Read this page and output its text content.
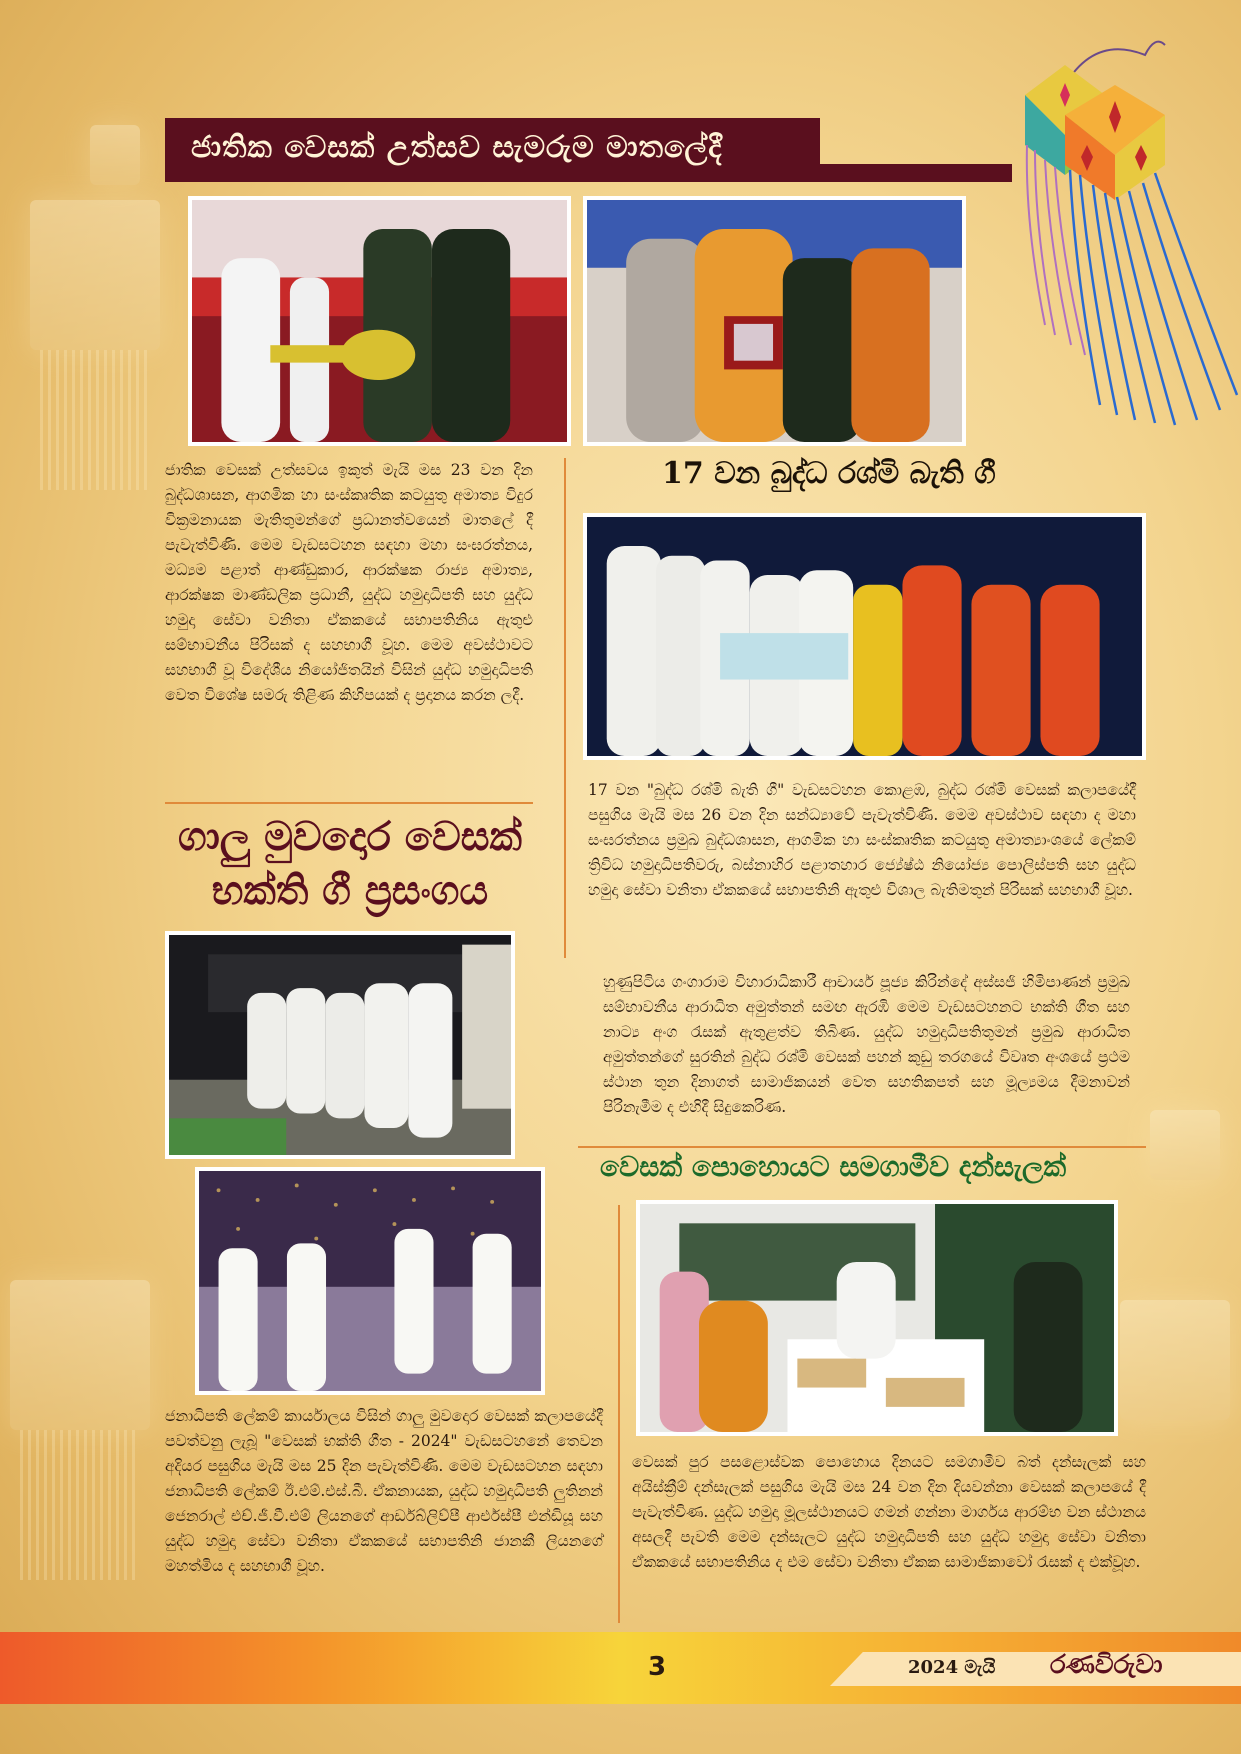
ජාතික වෙසක් උත්සව සැමරුම මාතලේදී

ජාතික වෙසක් උත්සවය ඉකුත් මැයි මස 23 වන දින බුද්ධශාසන, ආගමික හා සංස්කෘතික කටයුතු අමාත්‍ය විදුර වික්‍රමනායක මැතිතුමන්ගේ ප්‍රධානත්වයෙන් මාතලේ දී පැවැත්විණි. මෙම වැඩසටහන සඳහා මහා සංඝරත්නය, මධ්‍යම පළාත් ආණ්ඩුකාර, ආරක්ෂක රාජ්‍ය අමාත්‍ය, ආරක්ෂක මාණ්ඩලික ප්‍රධානී, යුද්ධ හමුදාධිපති සහ යුද්ධ හමුදා සේවා වනිතා ඒකකයේ සභාපතිනිය ඇතුළු සම්භාවනීය පිරිසක් ද සහභාගී වූහ. මෙම අවස්ථාවට සහභාගී වූ විදේශීය නියෝජිතයින් විසින් යුද්ධ හමුදාධිපති වෙත විශේෂ සමරු තිළිණ කිහිපයක් ද ප්‍රදානය කරන ලදී.

17 වන බුද්ධ රශ්මි බැති ගී

17 වන "බුද්ධ රශ්මි බැති ගී" වැඩසටහන කොළඹ, බුද්ධ රශ්මි වෙසක් කලාපයේදී පසුගිය මැයි මස 26 වන දින සන්ධ්‍යාවේ පැවැත්විණි. මෙම අවස්ථාව සඳහා ද මහා සංඝරත්නය ප්‍රමුඛ බුද්ධශාසන, ආගමික හා සංස්කෘතික කටයුතු අමාත්‍යාංශයේ ලේකම් ත්‍රිවිධ හමුදාධිපතිවරු, බස්නාහිර පළාතහාර ජ්‍යේෂ්ඨ නියෝජ්‍ය පොලිස්පති සහ යුද්ධ හමුදා සේවා වනිතා ඒකකයේ සභාපතිනි ඇතුළු විශාල බැතිමතුන් පිරිසක් සහභාගී වූහ.

ගාලු මුවදොර වෙසක්
භක්ති ගී ප්‍රසංගය

හුණුපිටිය ගංගාරාම විහාරාධිකාරී ආචාර්ය පූජ්‍ය කිරින්දේ අස්සජි හිමිපාණන් ප්‍රමුඛ සම්භාවනීය ආරාධිත අමුත්තන් සමඟ ඇරඹි මෙම වැඩසටහනට භක්ති ගීත සහ නාට්‍ය අංග රැසක් ඇතුළත්ව තිබිණ. යුද්ධ හමුදාධිපතිතුමන් ප්‍රමුඛ ආරාධිත අමුත්තන්ගේ සුරතින් බුද්ධ රශ්මි වෙසක් පහන් කුඩු තරගයේ විවෘත අංශයේ ප්‍රථම ස්ථාන තුන දිනාගත් සාමාජිකයන් වෙත සහතිකපත් සහ මූල්‍යමය දීමනාවන් පිරිනැමීම ද එහිදී සිදුකෙරිණ.

වෙසක් පොහොයට සමගාමීව දන්සැලක්

ජනාධිපති ලේකම් කාර්යාලය විසින් ගාලු මුවදොර වෙසක් කලාපයේදී පවත්වනු ලැබූ "වෙසක් භක්ති ගීත - 2024" වැඩසටහනේ තෙවන අදියර පසුගිය මැයි මස 25 දින පැවැත්විණි. මෙම වැඩසටහන සඳහා ජනාධිපති ලේකම් ඊ.එම්.එස්.බී. ඒකනායක, යුද්ධ හමුදාධිපති ලුතිනන් ජෙනරාල් එච්.ජී.වී.එම් ලියනගේ ආර්ඩබ්ලිව්පී ආර්එස්පී එන්ඩියූ සහ යුද්ධ හමුදා සේවා වනිතා ඒකකයේ සභාපතිනි ජානකී ලියනගේ මහත්මිය ද සහභාගී වූහ.

වෙසක් පුර පසළොස්වක පොහොය දිනයට සමගාමීව බත් දන්සැලක් සහ අයිස්ක්‍රීම් දන්සැලක් පසුගිය මැයි මස 24 වන දින දියවන්නා වෙසක් කලාපයේ දී පැවැත්විණ. යුද්ධ හමුදා මූලස්ථානයට ගමන් ගන්නා මාර්ගය ආරම්භ වන ස්ථානය අසලදී පැවති මෙම දන්සැලට යුද්ධ හමුදාධිපති සහ යුද්ධ හමුදා සේවා වනිතා ඒකකයේ සභාපතිනිය ද එම සේවා වනිතා ඒකක සාමාජිකාවෝ රැසක් ද එක්වූහ.

3	2024 මැයි රණවිරුවා
